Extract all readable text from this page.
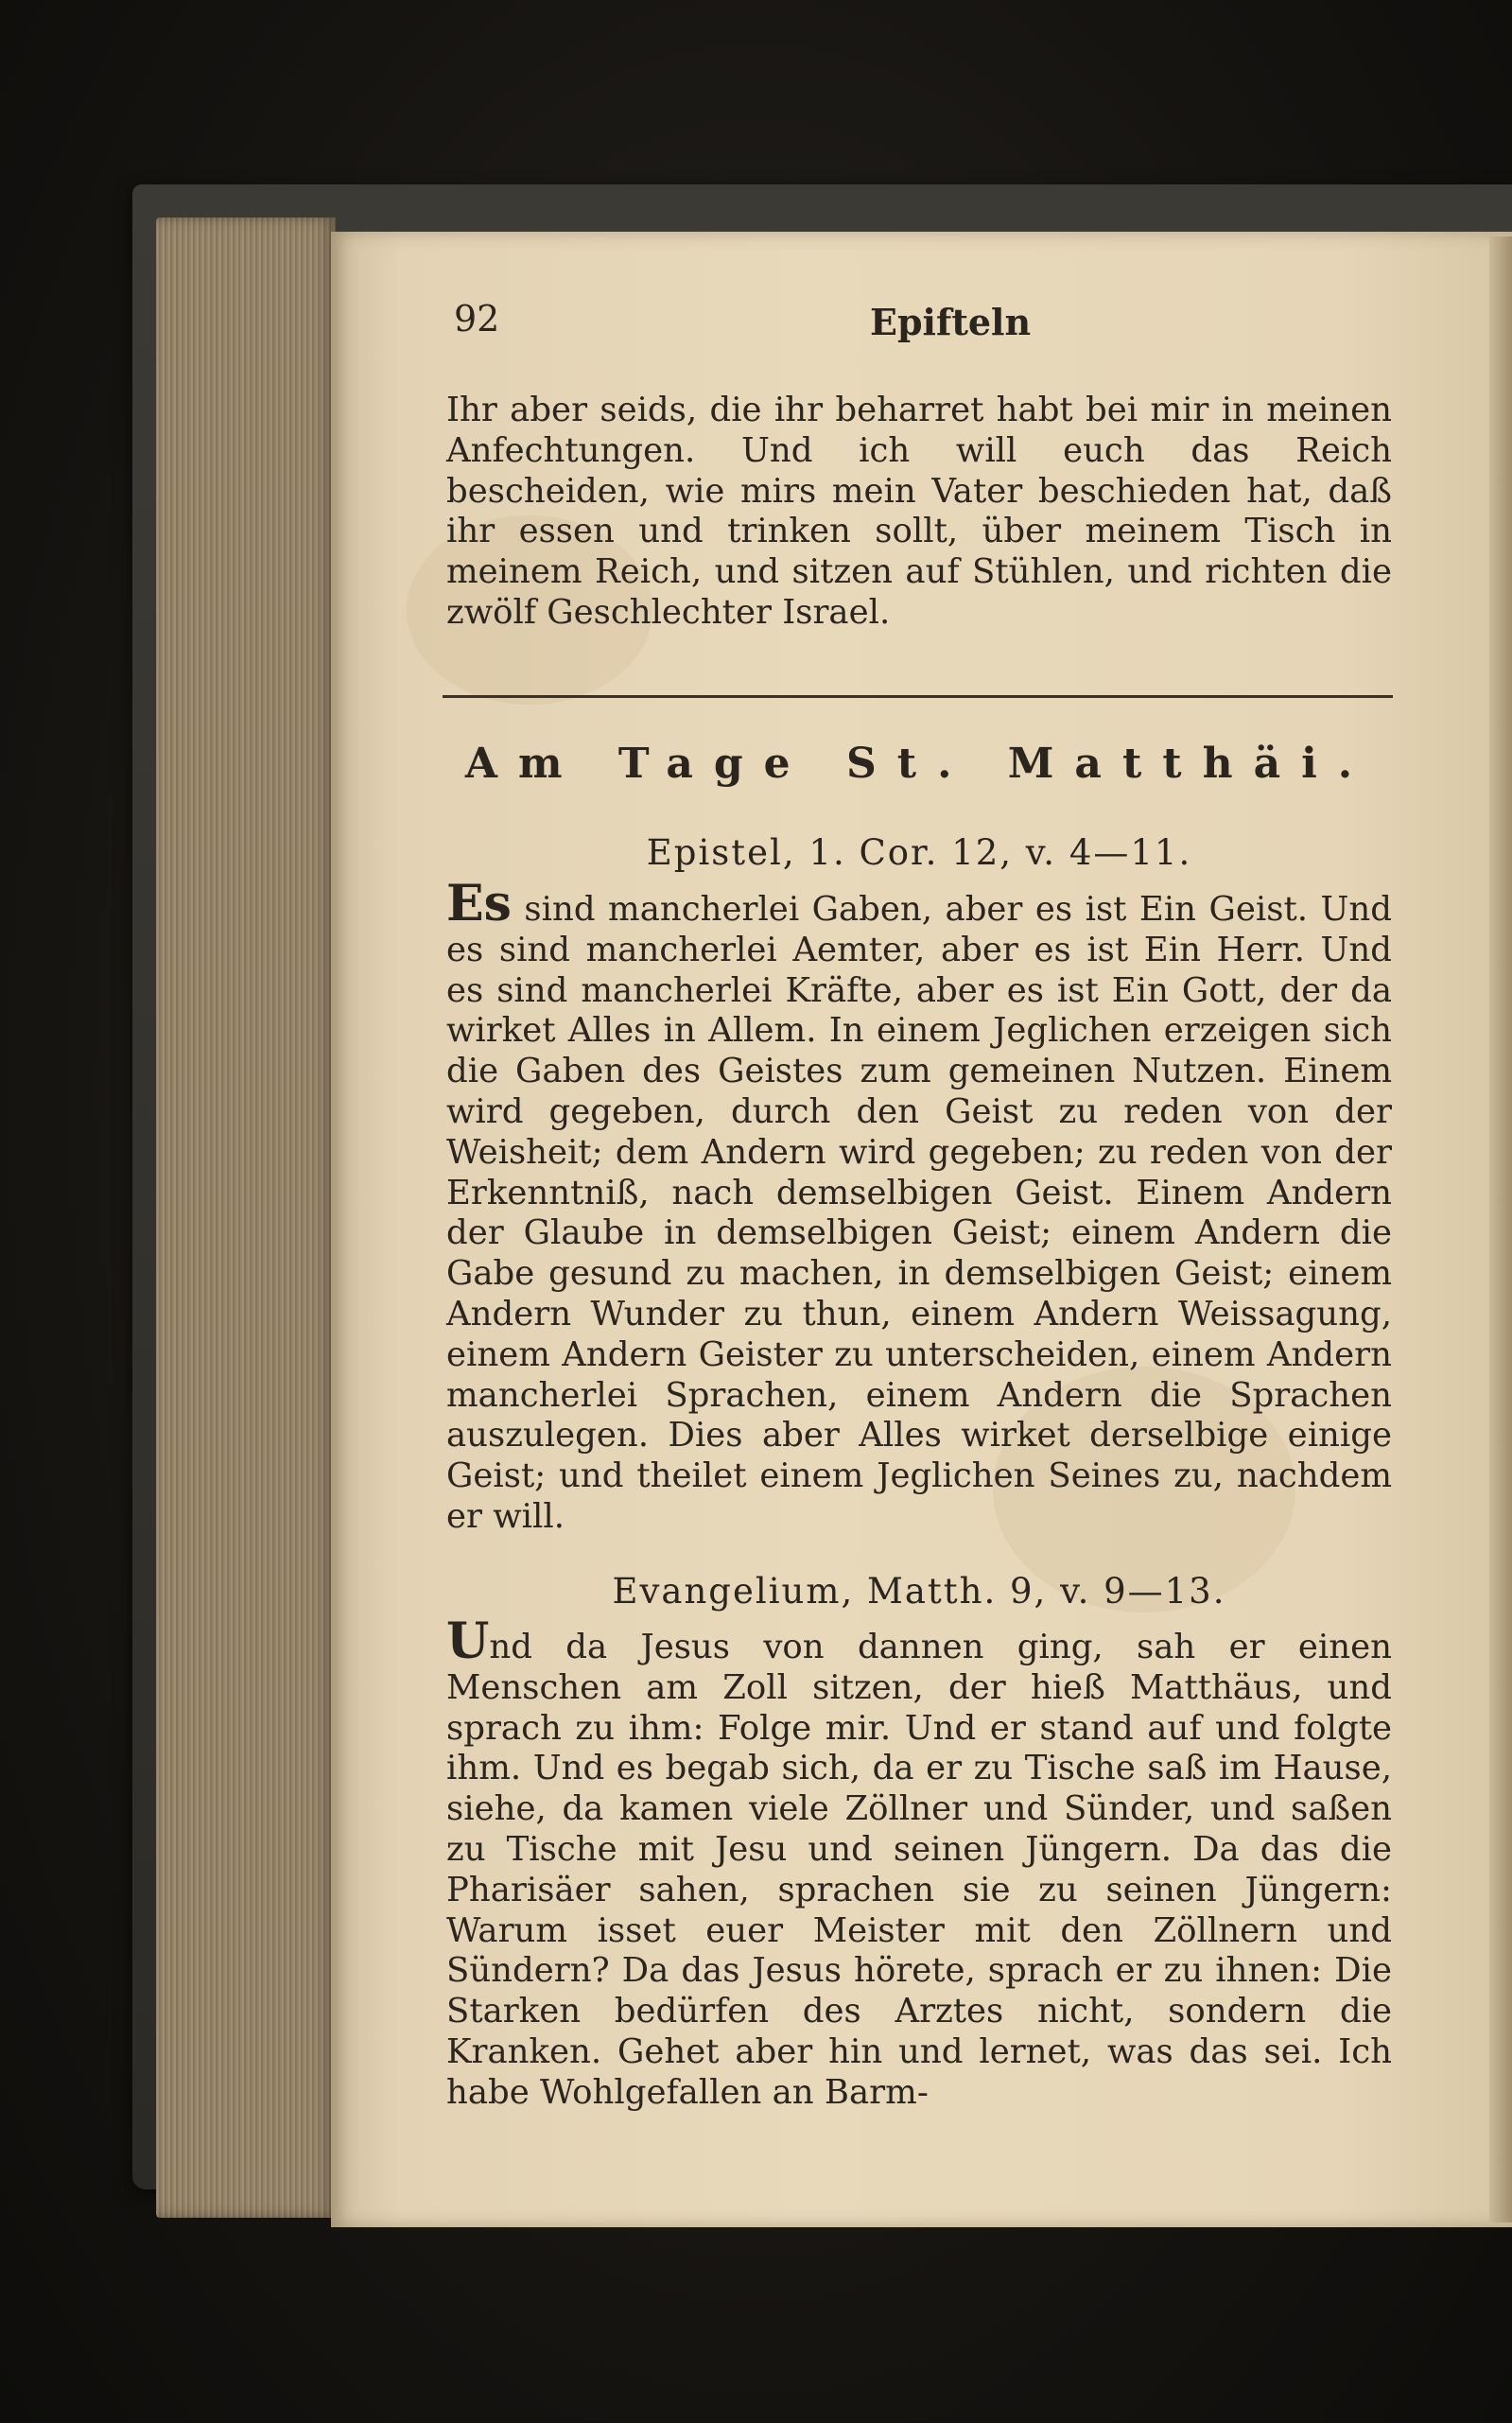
92	Epifteln
Ihr aber seids, die ihr beharret habt bei mir in meinen Anfechtungen. Und ich will euch das Reich bescheiden, wie mirs mein Vater beschieden hat, daß ihr essen und trinken sollt, über meinem Tisch in meinem Reich, und sitzen auf Stühlen, und richten die zwölf Geschlechter Israel.
Am Tage St. Matthäi.
Epistel, 1. Cor. 12, v. 4—11.
Es sind mancherlei Gaben, aber es ist Ein Geist. Und es sind mancherlei Aemter, aber es ist Ein Herr. Und es sind mancherlei Kräfte, aber es ist Ein Gott, der da wirket Alles in Allem. In einem Jeglichen erzeigen sich die Gaben des Geistes zum gemeinen Nutzen. Einem wird gegeben, durch den Geist zu reden von der Weisheit; dem Andern wird gegeben; zu reden von der Erkenntniß, nach demselbigen Geist. Einem Andern der Glaube in demselbigen Geist; einem Andern die Gabe gesund zu machen, in demselbigen Geist; einem Andern Wunder zu thun, einem Andern Weissagung, einem Andern Geister zu unterscheiden, einem Andern mancherlei Sprachen, einem Andern die Sprachen auszulegen. Dies aber Alles wirket derselbige einige Geist; und theilet einem Jeglichen Seines zu, nachdem er will.
Evangelium, Matth. 9, v. 9—13.
Und da Jesus von dannen ging, sah er einen Menschen am Zoll sitzen, der hieß Matthäus, und sprach zu ihm: Folge mir. Und er stand auf und folgte ihm. Und es begab sich, da er zu Tische saß im Hause, siehe, da kamen viele Zöllner und Sünder, und saßen zu Tische mit Jesu und seinen Jüngern. Da das die Pharisäer sahen, sprachen sie zu seinen Jüngern: Warum isset euer Meister mit den Zöllnern und Sündern? Da das Jesus hörete, sprach er zu ihnen: Die Starken bedürfen des Arztes nicht, sondern die Kranken. Gehet aber hin und lernet, was das sei. Ich habe Wohlgefallen an Barm-
